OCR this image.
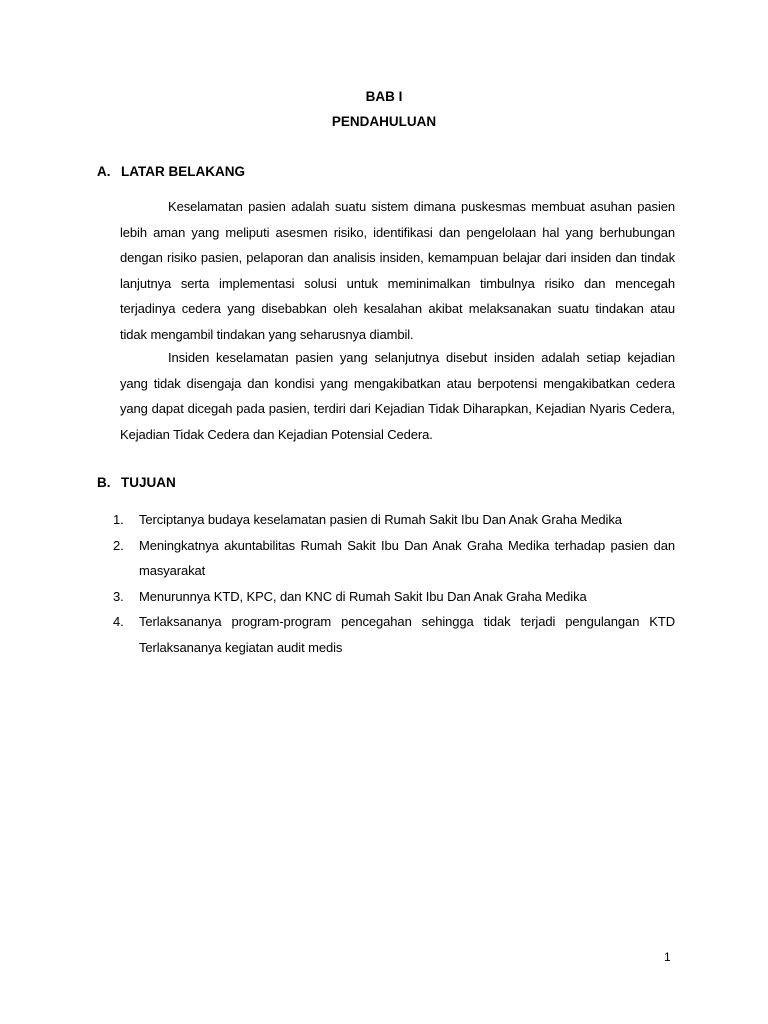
BAB I
PENDAHULUAN
A. LATAR BELAKANG

Keselamatan pasien adalah suatu sistem dimana puskesmas membuat asuhan pasien lebih aman yang meliputi asesmen risiko, identifikasi dan pengelolaan hal yang berhubungan dengan risiko pasien, pelaporan dan analisis insiden, kemampuan belajar dari insiden dan tindak lanjutnya serta implementasi solusi untuk meminimalkan timbulnya risiko dan mencegah terjadinya cedera yang disebabkan oleh kesalahan akibat melaksanakan suatu tindakan atau tidak mengambil tindakan yang seharusnya diambil.

Insiden keselamatan pasien yang selanjutnya disebut insiden adalah setiap kejadian yang tidak disengaja dan kondisi yang mengakibatkan atau berpotensi mengakibatkan cedera yang dapat dicegah pada pasien, terdiri dari Kejadian Tidak Diharapkan, Kejadian Nyaris Cedera, Kejadian Tidak Cedera dan Kejadian Potensial Cedera.

B. TUJUAN
1. Terciptanya budaya keselamatan pasien di Rumah Sakit Ibu Dan Anak Graha Medika
2. Meningkatnya akuntabilitas Rumah Sakit Ibu Dan Anak Graha Medika terhadap pasien dan masyarakat
3. Menurunnya KTD, KPC, dan KNC di Rumah Sakit Ibu Dan Anak Graha Medika
4. Terlaksananya program-program pencegahan sehingga tidak terjadi pengulangan KTD Terlaksananya kegiatan audit medis
1
